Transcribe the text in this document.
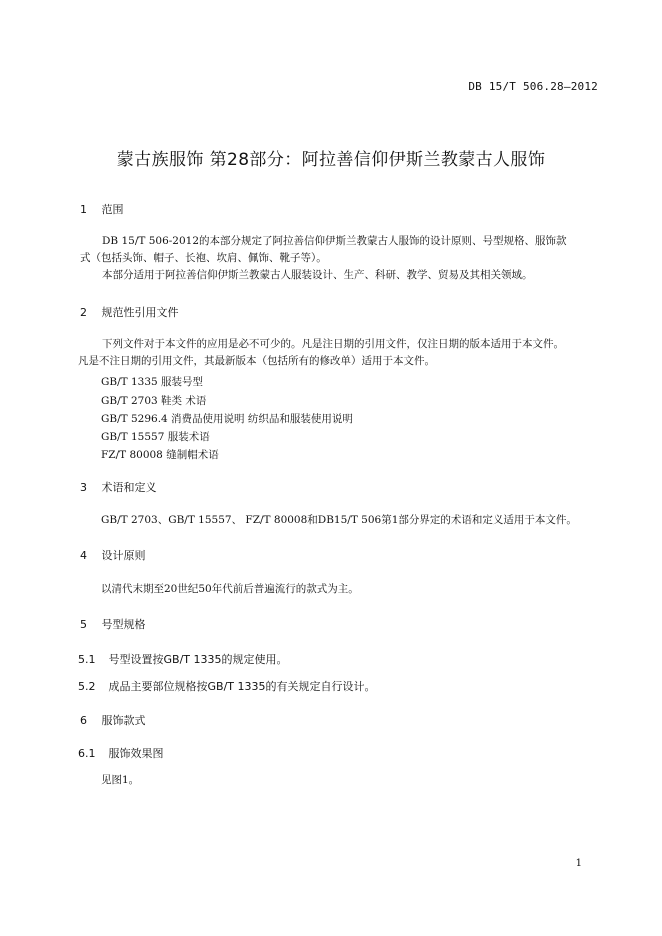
DB 15/T 506.28—2012
蒙古族服饰 第28部分：阿拉善信仰伊斯兰教蒙古人服饰
1 范围
DB 15/T 506-2012的本部分规定了阿拉善信仰伊斯兰教蒙古人服饰的设计原则、号型规格、服饰款
式（包括头饰、帽子、长袍、坎肩、佩饰、靴子等）。
本部分适用于阿拉善信仰伊斯兰教蒙古人服装设计、生产、科研、教学、贸易及其相关领域。
2 规范性引用文件
下列文件对于本文件的应用是必不可少的。凡是注日期的引用文件，仅注日期的版本适用于本文件。
凡是不注日期的引用文件，其最新版本（包括所有的修改单）适用于本文件。
GB/T 1335 服装号型
GB/T 2703 鞋类 术语
GB/T 5296.4 消费品使用说明 纺织品和服装使用说明
GB/T 15557 服装术语
FZ/T 80008 缝制帽术语
3 术语和定义
GB/T 2703、GB/T 15557、 FZ/T 80008和DB15/T 506第1部分界定的术语和定义适用于本文件。
4 设计原则
以清代末期至20世纪50年代前后普遍流行的款式为主。
5 号型规格
5.1 号型设置按GB/T 1335的规定使用。
5.2 成品主要部位规格按GB/T 1335的有关规定自行设计。
6 服饰款式
6.1 服饰效果图
见图1。
1
